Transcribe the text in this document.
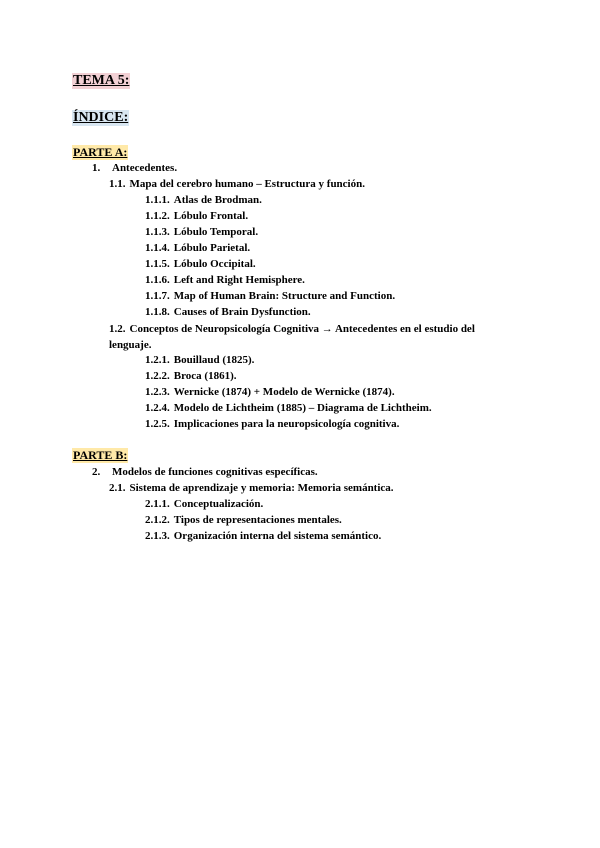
TEMA 5:
ÍNDICE:
PARTE A:
1. Antecedentes.
1.1. Mapa del cerebro humano – Estructura y función.
1.1.1. Atlas de Brodman.
1.1.2. Lóbulo Frontal.
1.1.3. Lóbulo Temporal.
1.1.4. Lóbulo Parietal.
1.1.5. Lóbulo Occipital.
1.1.6. Left and Right Hemisphere.
1.1.7. Map of Human Brain: Structure and Function.
1.1.8. Causes of Brain Dysfunction.
1.2. Conceptos de Neuropsicología Cognitiva → Antecedentes en el estudio del lenguaje.
1.2.1. Bouillaud (1825).
1.2.2. Broca (1861).
1.2.3. Wernicke (1874) + Modelo de Wernicke (1874).
1.2.4. Modelo de Lichtheim (1885) – Diagrama de Lichtheim.
1.2.5. Implicaciones para la neuropsicología cognitiva.
PARTE B:
2. Modelos de funciones cognitivas específicas.
2.1. Sistema de aprendizaje y memoria: Memoria semántica.
2.1.1. Conceptualización.
2.1.2. Tipos de representaciones mentales.
2.1.3. Organización interna del sistema semántico.
